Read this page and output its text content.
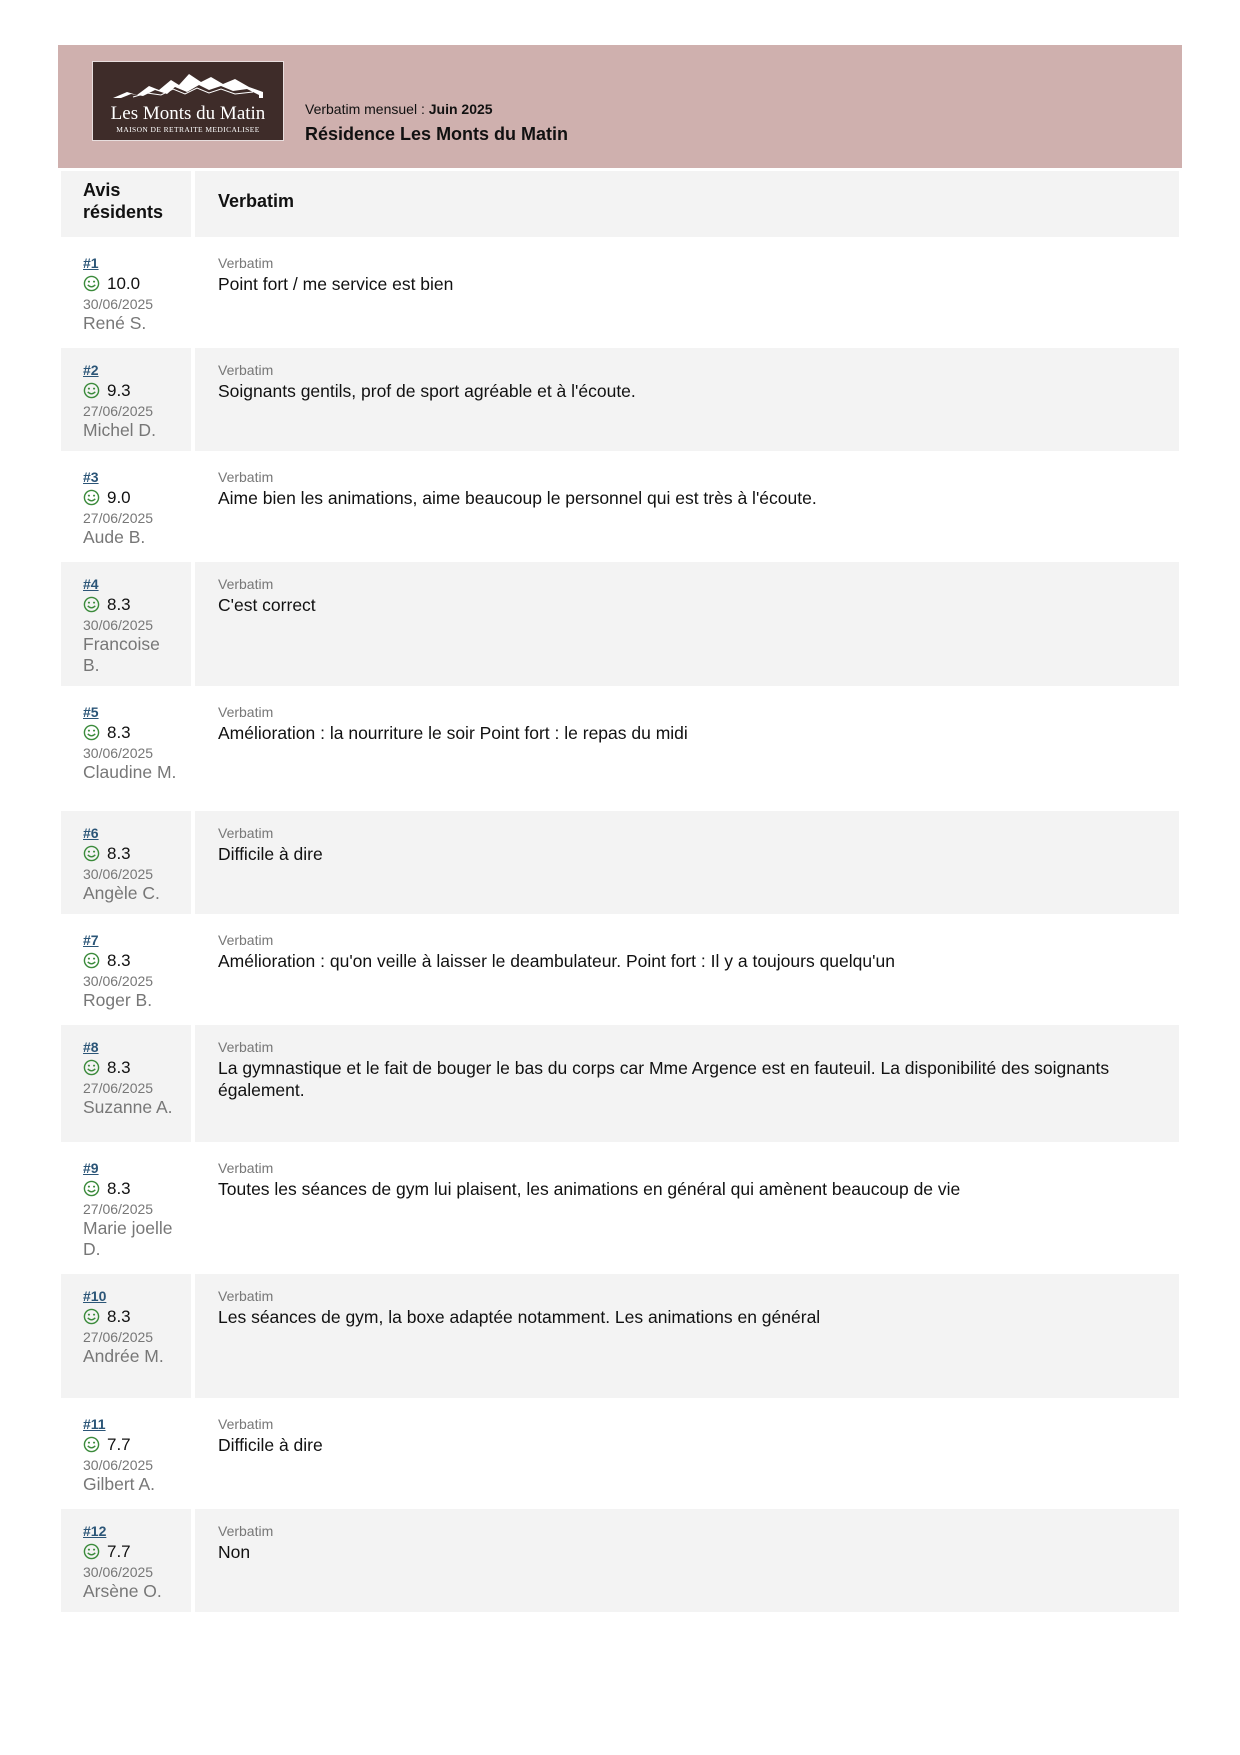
Les Monts du Matin
MAISON DE RETRAITE MEDICALISEE
Verbatim mensuel : Juin 2025
Résidence Les Monts du Matin
Avis résidents
Verbatim
#1
10.0
30/06/2025
René S.
Verbatim
Point fort / me service est bien
#2
9.3
27/06/2025
Michel D.
Verbatim
Soignants gentils, prof de sport agréable et à l'écoute.
#3
9.0
27/06/2025
Aude B.
Verbatim
Aime bien les animations, aime beaucoup le personnel qui est très à l'écoute.
#4
8.3
30/06/2025
Francoise B.
Verbatim
C'est correct
#5
8.3
30/06/2025
Claudine M.
Verbatim
Amélioration : la nourriture le soir Point fort : le repas du midi
#6
8.3
30/06/2025
Angèle C.
Verbatim
Difficile à dire
#7
8.3
30/06/2025
Roger B.
Verbatim
Amélioration : qu'on veille à laisser le deambulateur. Point fort : Il y a toujours quelqu'un
#8
8.3
27/06/2025
Suzanne A.
Verbatim
La gymnastique et le fait de bouger le bas du corps car Mme Argence est en fauteuil. La disponibilité des soignants également.
#9
8.3
27/06/2025
Marie joelle D.
Verbatim
Toutes les séances de gym lui plaisent, les animations en général qui amènent beaucoup de vie
#10
8.3
27/06/2025
Andrée M.
Verbatim
Les séances de gym, la boxe adaptée notamment. Les animations en général
#11
7.7
30/06/2025
Gilbert A.
Verbatim
Difficile à dire
#12
7.7
30/06/2025
Arsène O.
Verbatim
Non
